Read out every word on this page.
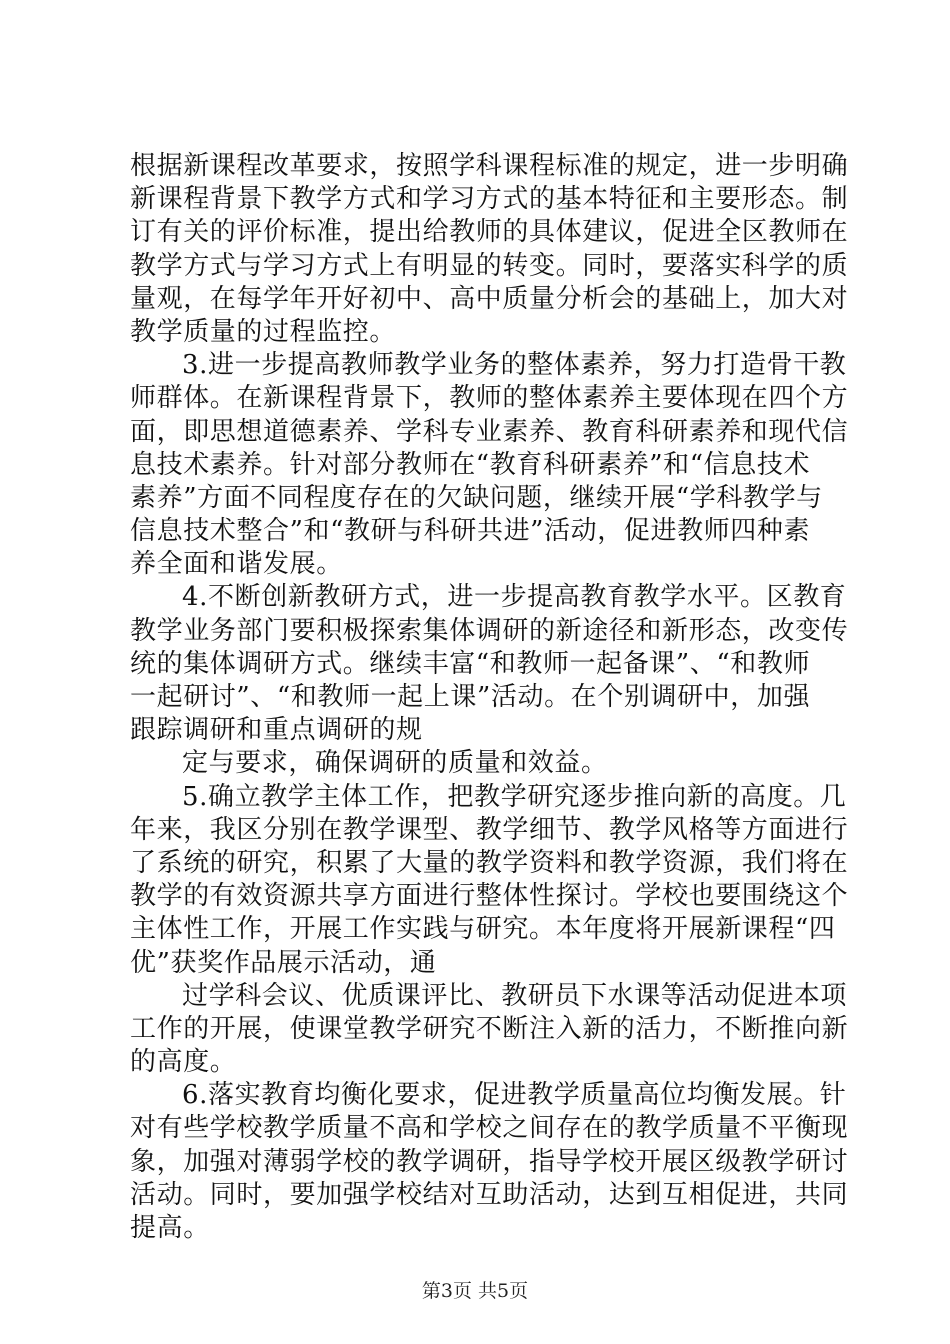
根据新课程改革要求，按照学科课程标准的规定，进一步明确
新课程背景下教学方式和学习方式的基本特征和主要形态。制
订有关的评价标准，提出给教师的具体建议，促进全区教师在
教学方式与学习方式上有明显的转变。同时，要落实科学的质
量观，在每学年开好初中、高中质量分析会的基础上，加大对
教学质量的过程监控。
3.进一步提高教师教学业务的整体素养，努力打造骨干教
师群体。在新课程背景下，教师的整体素养主要体现在四个方
面，即思想道德素养、学科专业素养、教育科研素养和现代信
息技术素养。针对部分教师在“教育科研素养”和“信息技术
素养”方面不同程度存在的欠缺问题，继续开展“学科教学与
信息技术整合”和“教研与科研共进”活动，促进教师四种素
养全面和谐发展。
4.不断创新教研方式，进一步提高教育教学水平。区教育
教学业务部门要积极探索集体调研的新途径和新形态，改变传
统的集体调研方式。继续丰富“和教师一起备课”、“和教师
一起研讨”、“和教师一起上课”活动。在个别调研中，加强
跟踪调研和重点调研的规
定与要求，确保调研的质量和效益。
5.确立教学主体工作，把教学研究逐步推向新的高度。几
年来，我区分别在教学课型、教学细节、教学风格等方面进行
了系统的研究，积累了大量的教学资料和教学资源，我们将在
教学的有效资源共享方面进行整体性探讨。学校也要围绕这个
主体性工作，开展工作实践与研究。本年度将开展新课程“四
优”获奖作品展示活动，通
过学科会议、优质课评比、教研员下水课等活动促进本项
工作的开展，使课堂教学研究不断注入新的活力，不断推向新
的高度。
6.落实教育均衡化要求，促进教学质量高位均衡发展。针
对有些学校教学质量不高和学校之间存在的教学质量不平衡现
象，加强对薄弱学校的教学调研，指导学校开展区级教学研讨
活动。同时，要加强学校结对互助活动，达到互相促进，共同
提高。
第3页 共5页
